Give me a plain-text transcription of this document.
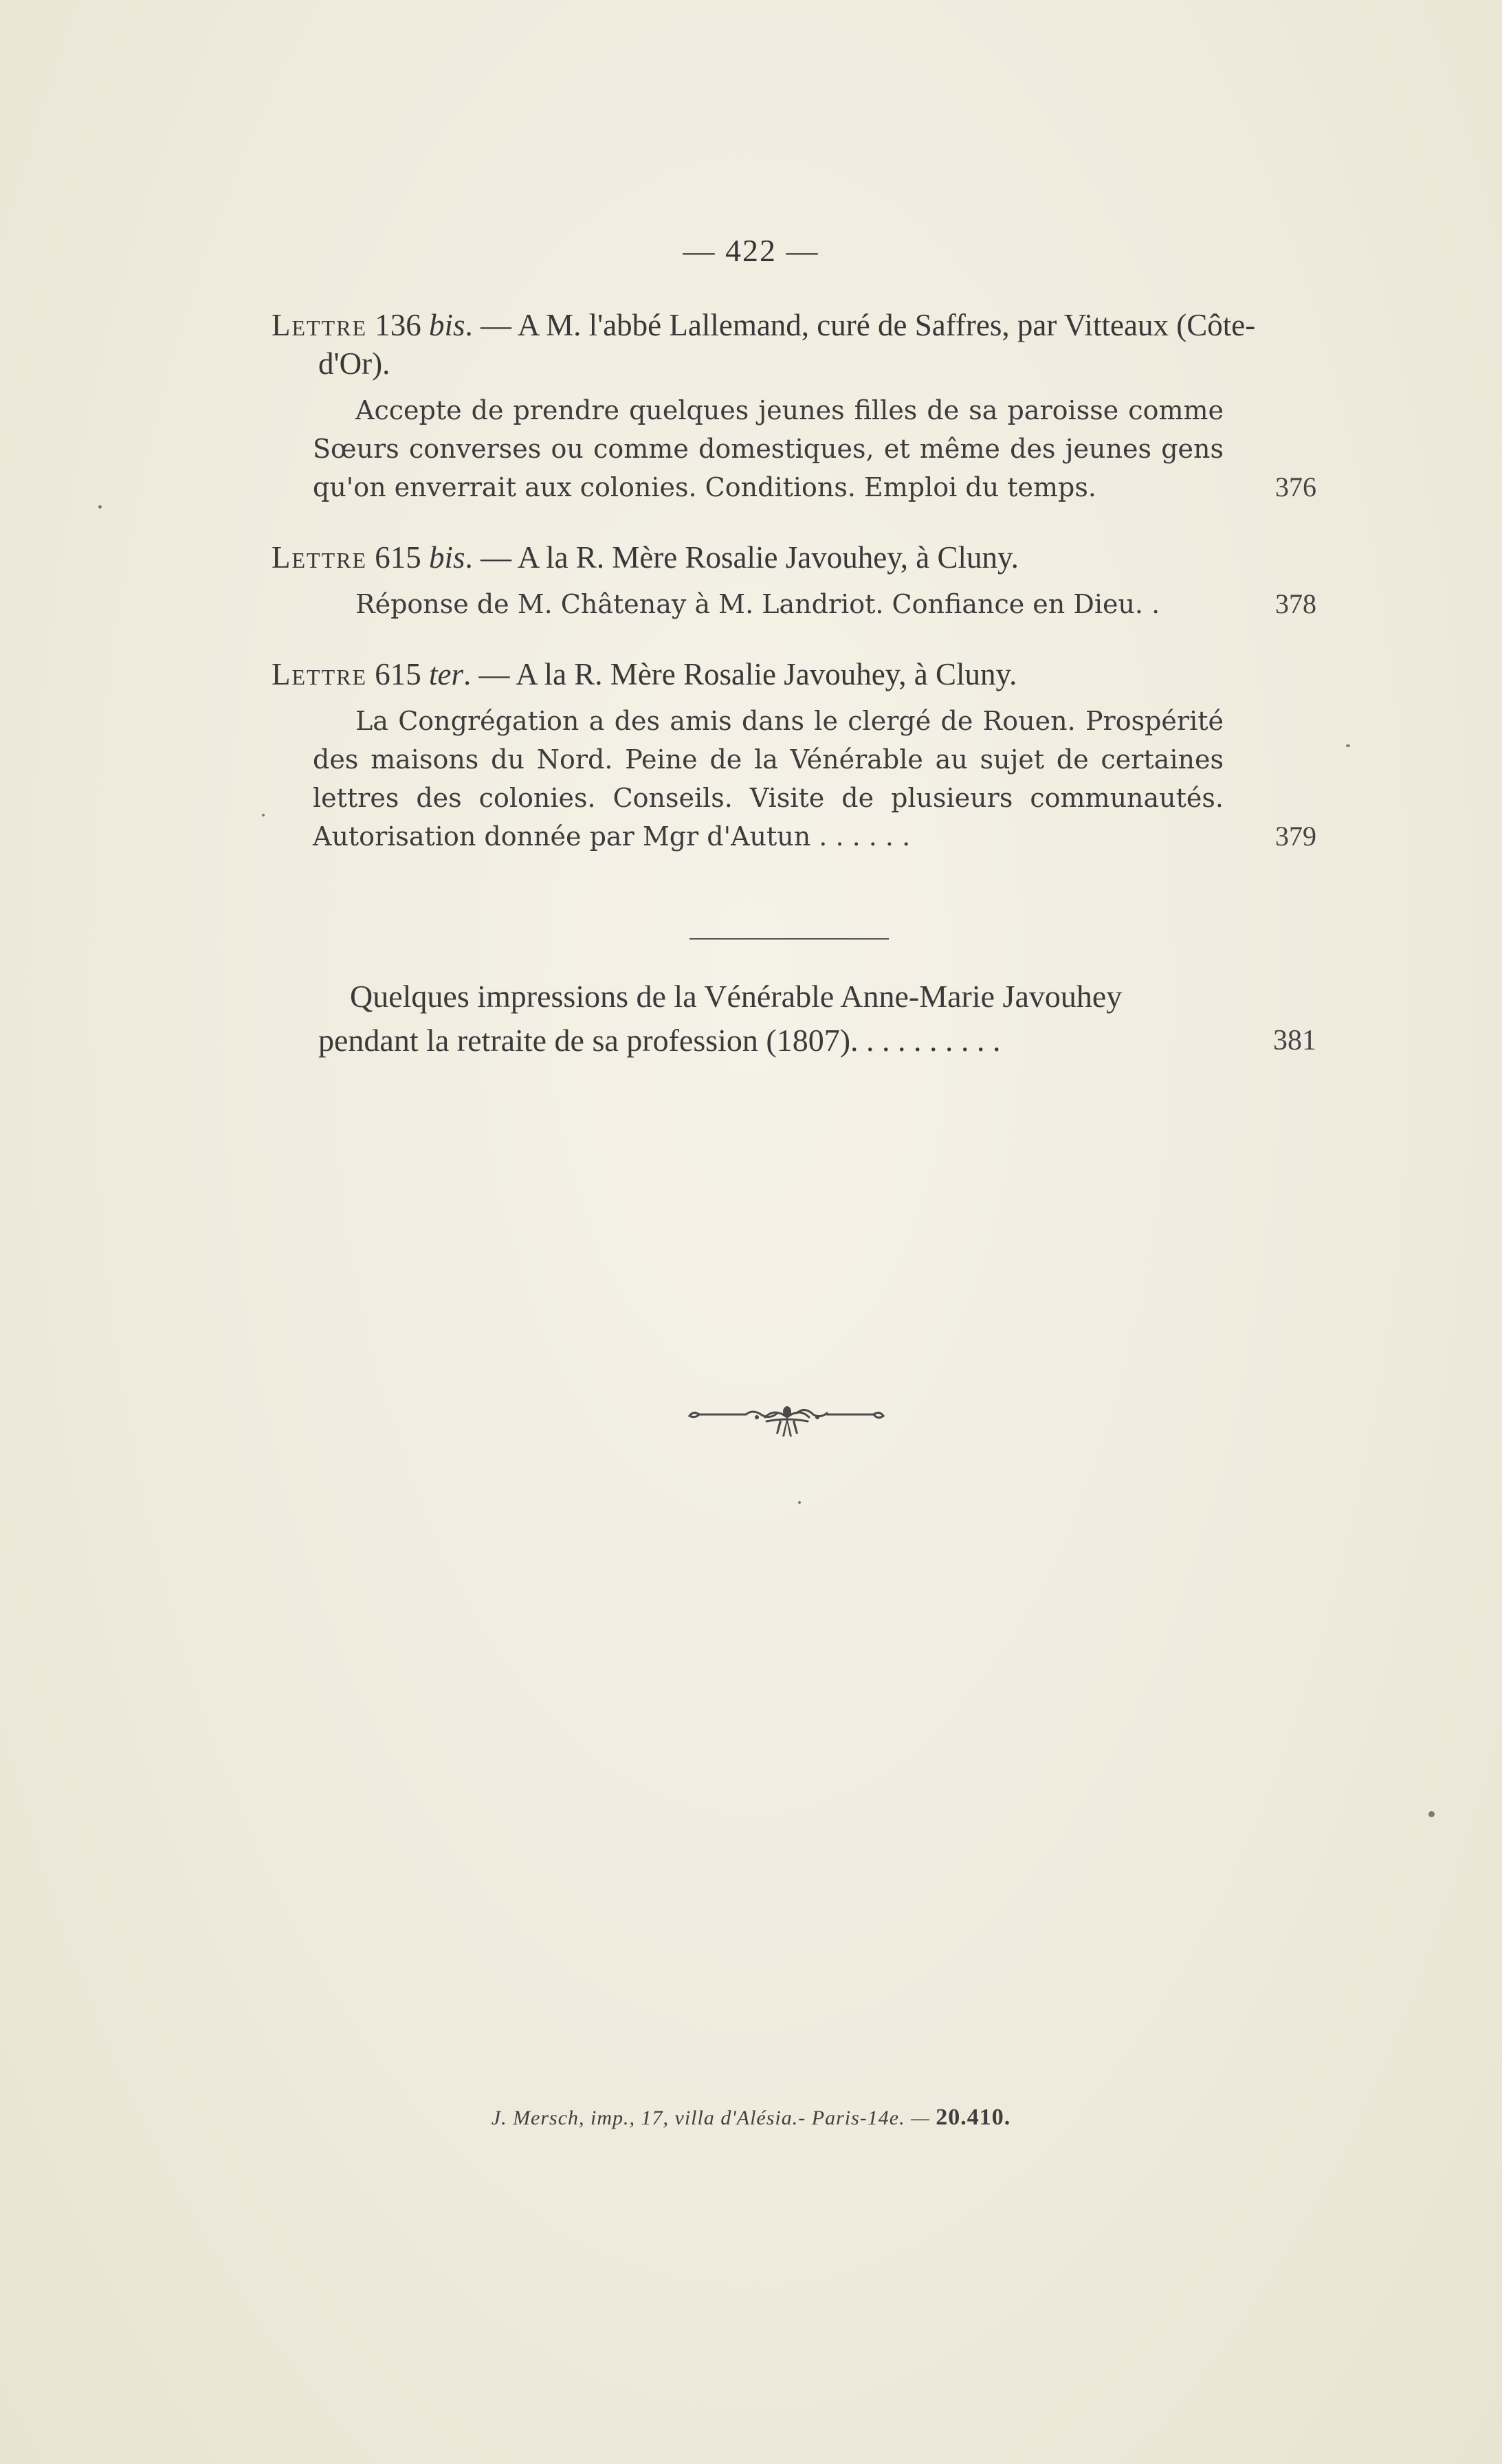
— 422 —
Lettre 136 bis. — A M. l'abbé Lallemand, curé de Saffres, par Vitteaux (Côte-d'Or).
Accepte de prendre quelques jeunes filles de sa paroisse comme Sœurs converses ou comme domestiques, et même des jeunes gens qu'on enverrait aux colonies. Conditions. Emploi du temps.	376
Lettre 615 bis. — A la R. Mère Rosalie Javouhey, à Cluny.
Réponse de M. Châtenay à M. Landriot. Confiance en Dieu. .	378
Lettre 615 ter. — A la R. Mère Rosalie Javouhey, à Cluny.
La Congrégation a des amis dans le clergé de Rouen. Prospérité des maisons du Nord. Peine de la Vénérable au sujet de certaines lettres des colonies. Conseils. Visite de plusieurs communautés. Autorisation donnée par Mgr d'Autun . . . . . .	379
Quelques impressions de la Vénérable Anne-Marie Javouhey pendant la retraite de sa profession (1807). . . . . . . . . .	381
J. Mersch, imp., 17, villa d'Alésia.- Paris-14e. — 20.410.
